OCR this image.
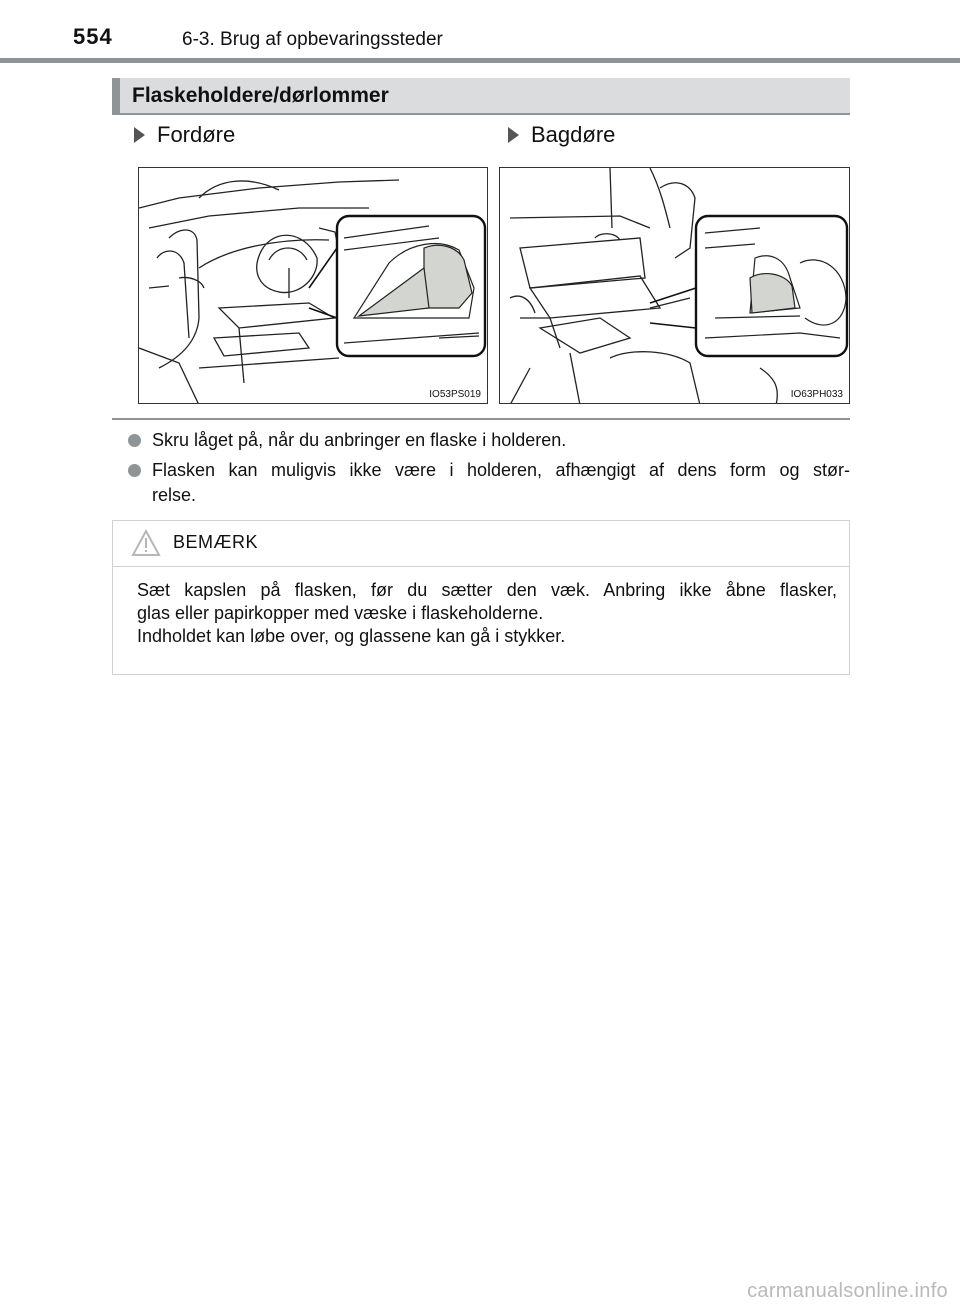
554	6-3. Brug af opbevaringssteder
Flaskeholdere/dørlommer
Fordøre	Bagdøre
IO53PS019	IO63PH033
Skru låget på, når du anbringer en flaske i holderen.
Flasken kan muligvis ikke være i holderen, afhængigt af dens form og stør-
relse.
BEMÆRK
Sæt kapslen på flasken, før du sætter den væk. Anbring ikke åbne flasker,
glas eller papirkopper med væske i flaskeholderne.
Indholdet kan løbe over, og glassene kan gå i stykker.
carmanualsonline.info
